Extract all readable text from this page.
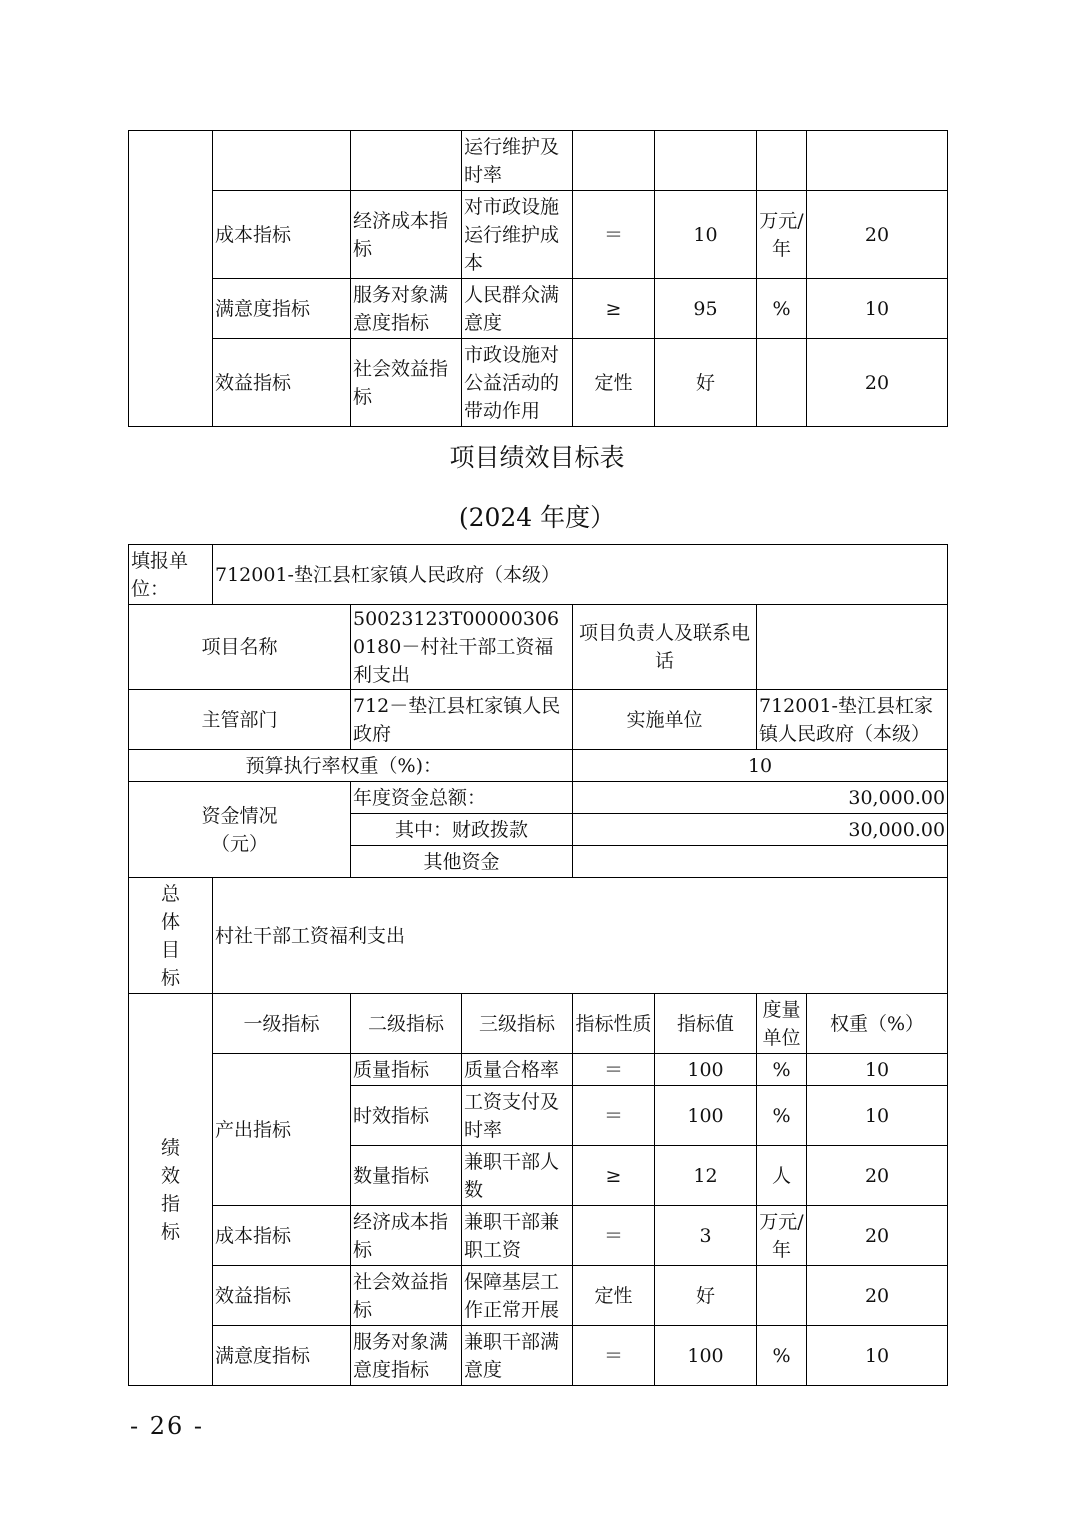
			运行维护及时率				
	成本指标	经济成本指标	对市政设施运行维护成本	＝	10	万元/年	20
	满意度指标	服务对象满意度指标	人民群众满意度	≥	95	%	10
	效益指标	社会效益指标	市政设施对公益活动的带动作用	定性	好		20
项目绩效目标表
(2024 年度）
填报单位：	712001-垫江县杠家镇人民政府（本级）						
项目名称		50023123T000003060180－村社干部工资福利支出		项目负责人及联系电话			
主管部门		712－垫江县杠家镇人民政府		实施单位		712001-垫江县杠家镇人民政府（本级）	
预算执行率权重（%)：				10			
资金情况（元）		年度资金总额：		30,000.00			
		其中：财政拨款		30,000.00			
		其他资金					
总体目标	村社干部工资福利支出						
绩效指标	一级指标	二级指标	三级指标	指标性质	指标值	度量单位	权重（%）
	产出指标	质量指标	质量合格率	＝	100	%	10
		时效指标	工资支付及时率	＝	100	%	10
		数量指标	兼职干部人数	≥	12	人	20
	成本指标	经济成本指标	兼职干部兼职工资	＝	3	万元/年	20
	效益指标	社会效益指标	保障基层工作正常开展	定性	好		20
	满意度指标	服务对象满意度指标	兼职干部满意度	＝	100	%	10
- 26 -
